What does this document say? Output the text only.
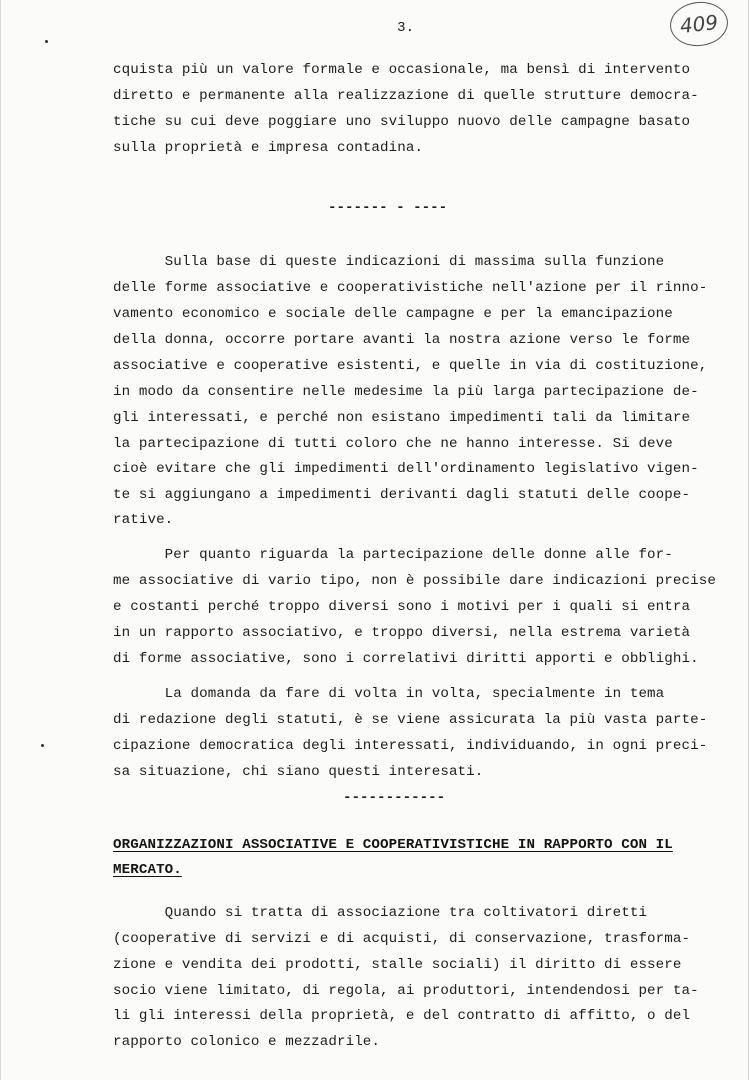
3.	409
cquista più un valore formale e occasionale, ma bensì di intervento
diretto e permanente alla realizzazione di quelle strutture democra-
tiche su cui deve poggiare uno sviluppo nuovo delle campagne basato
sulla proprietà e impresa contadina.
------- - ----
Sulla base di queste indicazioni di massima sulla funzione
delle forme associative e cooperativistiche nell'azione per il rinno-
vamento economico e sociale delle campagne e per la emancipazione
della donna, occorre portare avanti la nostra azione verso le forme
associative e cooperative esistenti, e quelle in via di costituzione,
in modo da consentire nelle medesime la più larga partecipazione de-
gli interessati, e perché non esistano impedimenti tali da limitare
la partecipazione di tutti coloro che ne hanno interesse. Si deve
cioè evitare che gli impedimenti dell'ordinamento legislativo vigen-
te si aggiungano a impedimenti derivanti dagli statuti delle coope-
rative.
Per quanto riguarda la partecipazione delle donne alle for-
me associative di vario tipo, non è possibile dare indicazioni precise
e costanti perché troppo diversi sono i motivi per i quali si entra
in un rapporto associativo, e troppo diversi, nella estrema varietà
di forme associative, sono i correlativi diritti apporti e obblighi.
La domanda da fare di volta in volta, specialmente in tema
di redazione degli statuti, è se viene assicurata la più vasta parte-
cipazione democratica degli interessati, individuando, in ogni preci-
sa situazione, chi siano questi interesati.
------------
ORGANIZZAZIONI ASSOCIATIVE E COOPERATIVISTICHE IN RAPPORTO CON IL
MERCATO.
Quando si tratta di associazione tra coltivatori diretti
(cooperative di servizi e di acquisti, di conservazione, trasforma-
zione e vendita dei prodotti, stalle sociali) il diritto di essere
socio viene limitato, di regola, ai produttori, intendendosi per ta-
li gli interessi della proprietà, e del contratto di affitto, o del
rapporto colonico e mezzadrile.
